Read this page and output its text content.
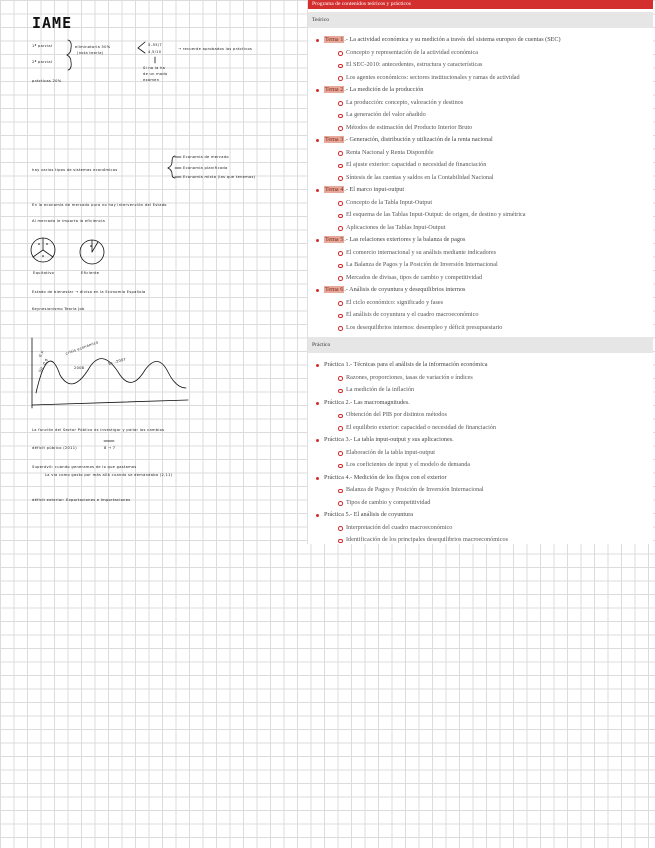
IAME
1ª parcial	eliminatoria 50%
(nota teoría)
5–55/7
4,5/10
→ recuerde aprobados los prácticos
2ª parcial
Si no la ha
de un modo
examen
prácticas 20%
hay varios tipos de sistemas económicos
Economía de mercado
Economía planificada
Economía mixta (las que tenemos)
En la economía de mercado pura no hay intervención del Estado
Al mercado le importa la eficiencia
Equitativo	Eficiente
Estado de bienestar → divisa en la Economía Española
Keynesianismo Teoría Job
G.F.	crisis económica
Sit. 0,0	2008
Ec.-2007
La función del Sector Público es investigar y paliar los cambios
déficit público (2011)	8 → 7
Superávit: cuando generamos de lo que gastamos
La vía como gasto por más allá cuando se demandaba (2,11)
déficit exterior: Exportaciones e Importaciones
Programa de contenidos teóricos y prácticos
Teórico
Tema 1.- La actividad económica y su medición a través del sistema europeo de cuentas (SEC)
Concepto y representación de la actividad económica
El SEC-2010: antecedentes, estructura y características
Los agentes económicos: sectores institucionales y ramas de actividad
Tema 2.- La medición de la producción
La producción: concepto, valoración y destinos
La generación del valor añadido
Métodos de estimación del Producto Interior Bruto
Tema 3.- Generación, distribución y utilización de la renta nacional
Renta Nacional y Renta Disponible
El ajuste exterior: capacidad o necesidad de financiación
Síntesis de las cuentas y saldos en la Contabilidad Nacional
Tema 4.- El marco input-output
Concepto de la Tabla Input-Output
El esquema de las Tablas Input-Output: de origen, de destino y simétrica
Aplicaciones de las Tablas Input-Output
Tema 5.- Las relaciones exteriores y la balanza de pagos
El comercio internacional y su análisis mediante indicadores
La Balanza de Pagos y la Posición de Inversión Internacional
Mercados de divisas, tipos de cambio y competitividad
Tema 6.- Análisis de coyuntura y desequilibrios internos
El ciclo económico: significado y fases
El análisis de coyuntura y el cuadro macroeconómico
Los desequilibrios internos: desempleo y déficit presupuestario
Práctico
Práctica 1.- Técnicas para el análisis de la información económica
Razones, proporciones, tasas de variación e índices
La medición de la inflación
Práctica 2.- Las macromagnitudes.
Obtención del PIB por distintos métodos
El equilibrio exterior: capacidad o necesidad de financiación
Práctica 3.- La tabla input-output y sus aplicaciones.
Elaboración de la tabla input-output
Los coeficientes de input y el modelo de demanda
Práctica 4.- Medición de los flujos con el exterior
Balanza de Pagos y Posición de Inversión Internacional
Tipos de cambio y competitividad
Práctica 5.- El análisis de coyuntura
Interpretación del cuadro macroeconómico
Identificación de los principales desequilibrios macroeconómicos
